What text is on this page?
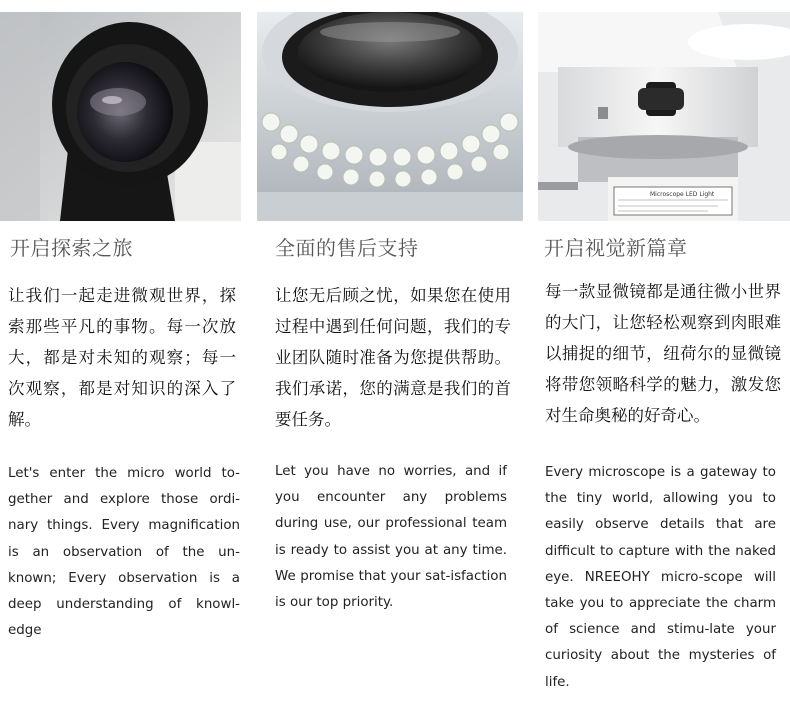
开启探索之旅
让我们一起走进微观世界，探索那些平凡的事物。每一次放大，都是对未知的观察；每一次观察，都是对知识的深入了解。
Let's enter the micro world to-gether and explore those ordi-nary things. Every magnification is an observation of the un-known; Every observation is a deep understanding of knowl-edge
全面的售后支持
让您无后顾之忧，如果您在使用过程中遇到任何问题，我们的专业团队随时准备为您提供帮助。我们承诺，您的满意是我们的首要任务。
Let you have no worries, and if you encounter any problems during use, our professional team is ready to assist you at any time. We promise that your sat-isfaction is our top priority.
Microscope LED Light
开启视觉新篇章
每一款显微镜都是通往微小世界的大门，让您轻松观察到肉眼难以捕捉的细节，纽荷尔的显微镜将带您领略科学的魅力，激发您对生命奥秘的好奇心。
Every microscope is a gateway to the tiny world, allowing you to easily observe details that are difficult to capture with the naked eye. NREEOHY micro-scope will take you to appreciate the charm of science and stimu-late your curiosity about the mysteries of life.
